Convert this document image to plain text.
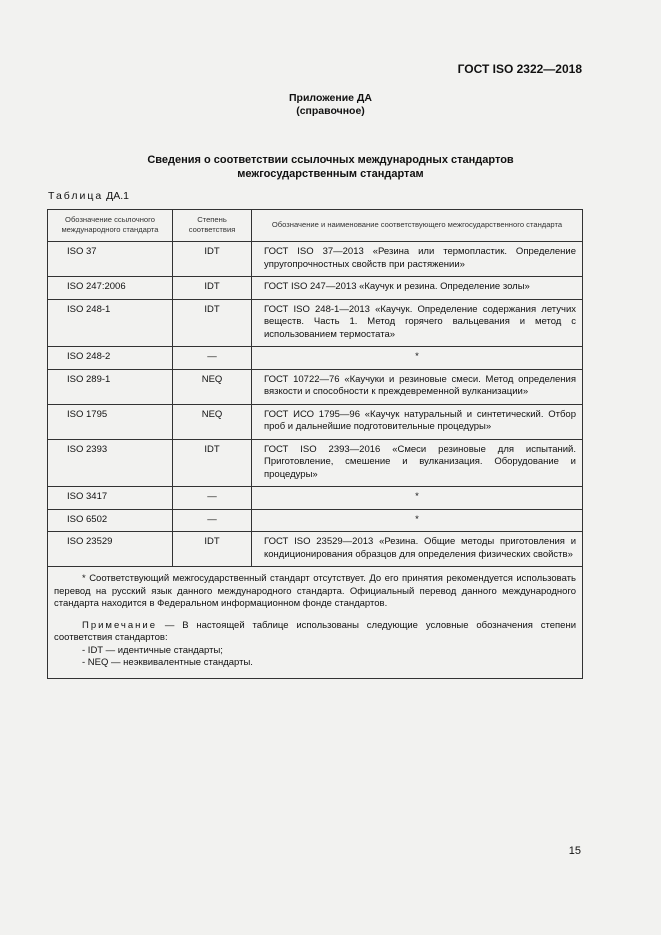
ГОСТ ISO 2322—2018
Приложение ДА
(справочное)
Сведения о соответствии ссылочных международных стандартов
межгосударственным стандартам
Таблица ДА.1
Обозначение ссылочного международного стандарта	Степень соответствия	Обозначение и наименование соответствующего межгосударственного стандарта
ISO 37	IDT	ГОСТ ISO 37—2013 «Резина или термопластик. Определение упругопрочностных свойств при растяжении»
ISO 247:2006	IDT	ГОСТ ISO 247—2013 «Каучук и резина. Определение золы»
ISO 248-1	IDT	ГОСТ ISO 248-1—2013 «Каучук. Определение содержания летучих веществ. Часть 1. Метод горячего вальцевания и метод с использованием термостата»
ISO 248-2	—	*
ISO 289-1	NEQ	ГОСТ 10722—76 «Каучуки и резиновые смеси. Метод определения вязкости и способности к преждевременной вулканизации»
ISO 1795	NEQ	ГОСТ ИСО 1795—96 «Каучук натуральный и синтетический. Отбор проб и дальнейшие подготовительные процедуры»
ISO 2393	IDT	ГОСТ ISO 2393—2016 «Смеси резиновые для испытаний. Приготовление, смешение и вулканизация. Оборудование и процедуры»
ISO 3417	—	*
ISO 6502	—	*
ISO 23529	IDT	ГОСТ ISO 23529—2013 «Резина. Общие методы приготовления и кондиционирования образцов для определения физических свойств»

* Соответствующий межгосударственный стандарт отсутствует. До его принятия рекомендуется использовать перевод на русский язык данного международного стандарта. Официальный перевод данного международного стандарта находится в Федеральном информационном фонде стандартов.

Примечание — В настоящей таблице использованы следующие условные обозначения степени соответствия стандартов:

- IDT — идентичные стандарты;

- NEQ — неэквивалентные стандарты.		

15
